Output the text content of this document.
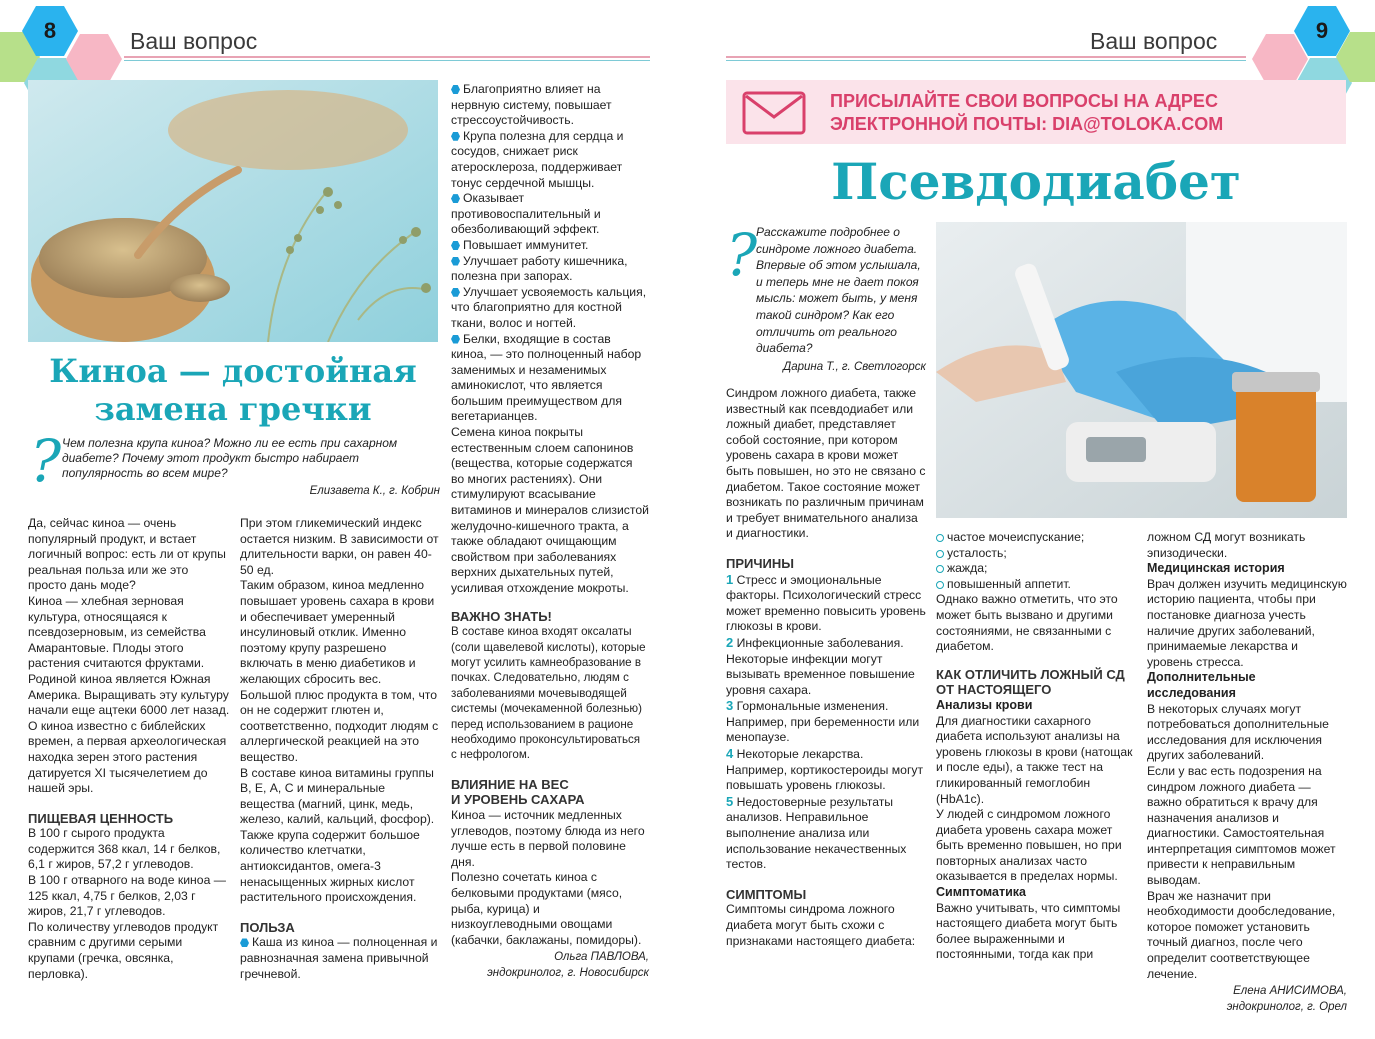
8	Ваш вопрос
Киноа — достойная
замена гречки
? Чем полезна крупа киноа? Можно ли ее есть при сахарном диабете? Почему этот продукт быстро набирает популярность во всем мире?

Елизавета К., г. Кобрин

Да, сейчас киноа — очень популярный продукт, и встает логичный вопрос: есть ли от крупы реальная польза или же это просто дань моде?

Киноа — хлебная зерновая культура, относящаяся к псевдозерновым, из семейства Амарантовые. Плоды этого растения считаются фруктами. Родиной киноа является Южная Америка. Выращивать эту культуру начали еще ацтеки 6000 лет назад.

О киноа известно с библейских времен, а первая археологическая находка зерен этого растения датируется XI тысячелетием до нашей эры.

ПИЩЕВАЯ ЦЕННОСТЬ

В 100 г сырого продукта содержится 368 ккал, 14 г белков, 6,1 г жиров, 57,2 г углеводов.

В 100 г отварного на воде киноа — 125 ккал, 4,75 г белков, 2,03 г жиров, 21,7 г углеводов.

По количеству углеводов продукт сравним с другими серыми крупами (гречка, овсянка, перловка).

При этом гликемический индекс остается низким. В зависимости от длительности варки, он равен 40-50 ед.

Таким образом, киноа медленно повышает уровень сахара в крови и обеспечивает умеренный инсулиновый отклик. Именно поэтому крупу разрешено включать в меню диабетиков и желающих сбросить вес.

Большой плюс продукта в том, что он не содержит глютен и, соответственно, подходит людям с аллергической реакцией на это вещество.

В составе киноа витамины группы В, Е, А, С и минеральные вещества (магний, цинк, медь, железо, калий, кальций, фосфор). Также крупа содержит большое количество клетчатки, антиоксидантов, омега-3 ненасыщенных жирных кислот растительного происхождения.

ПОЛЬЗА

Каша из киноа — полноценная и равнозначная замена привычной гречневой.

Благоприятно влияет на нервную систему, повышает стрессоустойчивость.

Крупа полезна для сердца и сосудов, снижает риск атеросклероза, поддерживает тонус сердечной мышцы.

Оказывает противовоспалительный и обезболивающий эффект.

Повышает иммунитет.

Улучшает работу кишечника, полезна при запорах.

Улучшает усвояемость кальция, что благоприятно для костной ткани, волос и ногтей.

Белки, входящие в состав киноа, — это полноценный набор заменимых и незаменимых аминокислот, что является большим преимуществом для вегетарианцев.

Семена киноа покрыты естественным слоем сапонинов (вещества, которые содержатся во многих растениях). Они стимулируют всасывание витаминов и минералов слизистой желудочно-кишечного тракта, а также обладают очищающим свойством при заболеваниях верхних дыхательных путей, усиливая отхождение мокроты.

ВАЖНО ЗНАТЬ!

В составе киноа входят оксалаты (соли щавелевой кислоты), которые могут усилить камнеобразование в почках. Следовательно, людям с заболеваниями мочевыводящей системы (мочекаменной болезнью) перед использованием в рационе необходимо проконсультироваться с нефрологом.

ВЛИЯНИЕ НА ВЕС
И УРОВЕНЬ САХАРА

Киноа — источник медленных углеводов, поэтому блюда из него лучше есть в первой половине дня.

Полезно сочетать киноа с белковыми продуктами (мясо, рыба, курица) и низкоуглеводными овощами (кабачки, баклажаны, помидоры).

Ольга ПАВЛОВА,

эндокринолог, г. Новосибирск

Ваш вопрос	9
ПРИСЫЛАЙТЕ СВОИ ВОПРОСЫ НА АДРЕС
ЭЛЕКТРОННОЙ ПОЧТЫ: DIA@TOLOKA.COM
Псевдодиабет
?

Расскажите подробнее о синдроме ложного диабета. Впервые об этом услышала, и теперь мне не дает покоя мысль: может быть, у меня такой синдром? Как его отличить от реального диабета?

Дарина Т., г. Светлогорск

Синдром ложного диабета, также известный как псевдодиабет или ложный диабет, представляет собой состояние, при котором уровень сахара в крови может быть повышен, но это не связано с диабетом. Такое состояние может возникать по различным причинам и требует внимательного анализа и диагностики.

ПРИЧИНЫ

1 Стресс и эмоциональные факторы. Психологический стресс может временно повысить уровень глюкозы в крови.

2 Инфекционные заболевания. Некоторые инфекции могут вызывать временное повышение уровня сахара.

3 Гормональные изменения. Например, при беременности или менопаузе.

4 Некоторые лекарства. Например, кортикостероиды могут повышать уровень глюкозы.

5 Недостоверные результаты анализов. Неправильное выполнение анализа или использование некачественных тестов.

СИМПТОМЫ

Симптомы синдрома ложного диабета могут быть схожи с признаками настоящего диабета:

частое мочеиспускание;

усталость;

жажда;

повышенный аппетит.

Однако важно отметить, что это может быть вызвано и другими состояниями, не связанными с диабетом.

КАК ОТЛИЧИТЬ ЛОЖНЫЙ СД
ОТ НАСТОЯЩЕГО

Анализы крови

Для диагностики сахарного диабета используют анализы на уровень глюкозы в крови (натощак и после еды), а также тест на гликированный гемоглобин (HbA1c).

У людей с синдромом ложного диабета уровень сахара может быть временно повышен, но при повторных анализах часто оказывается в пределах нормы.

Симптоматика

Важно учитывать, что симптомы настоящего диабета могут быть более выраженными и постоянными, тогда как при

ложном СД могут возникать эпизодически.

Медицинская история

Врач должен изучить медицинскую историю пациента, чтобы при постановке диагноза учесть наличие других заболеваний, принимаемые лекарства и уровень стресса.

Дополнительные
исследования

В некоторых случаях могут потребоваться дополнительные исследования для исключения других заболеваний.

Если у вас есть подозрения на синдром ложного диабета — важно обратиться к врачу для назначения анализов и диагностики. Самостоятельная интерпретация симптомов может привести к неправильным выводам.

Врач же назначит при необходимости дообследование, которое поможет установить точный диагноз, после чего определит соответствующее лечение.

Елена АНИСИМОВА,

эндокринолог, г. Орел
